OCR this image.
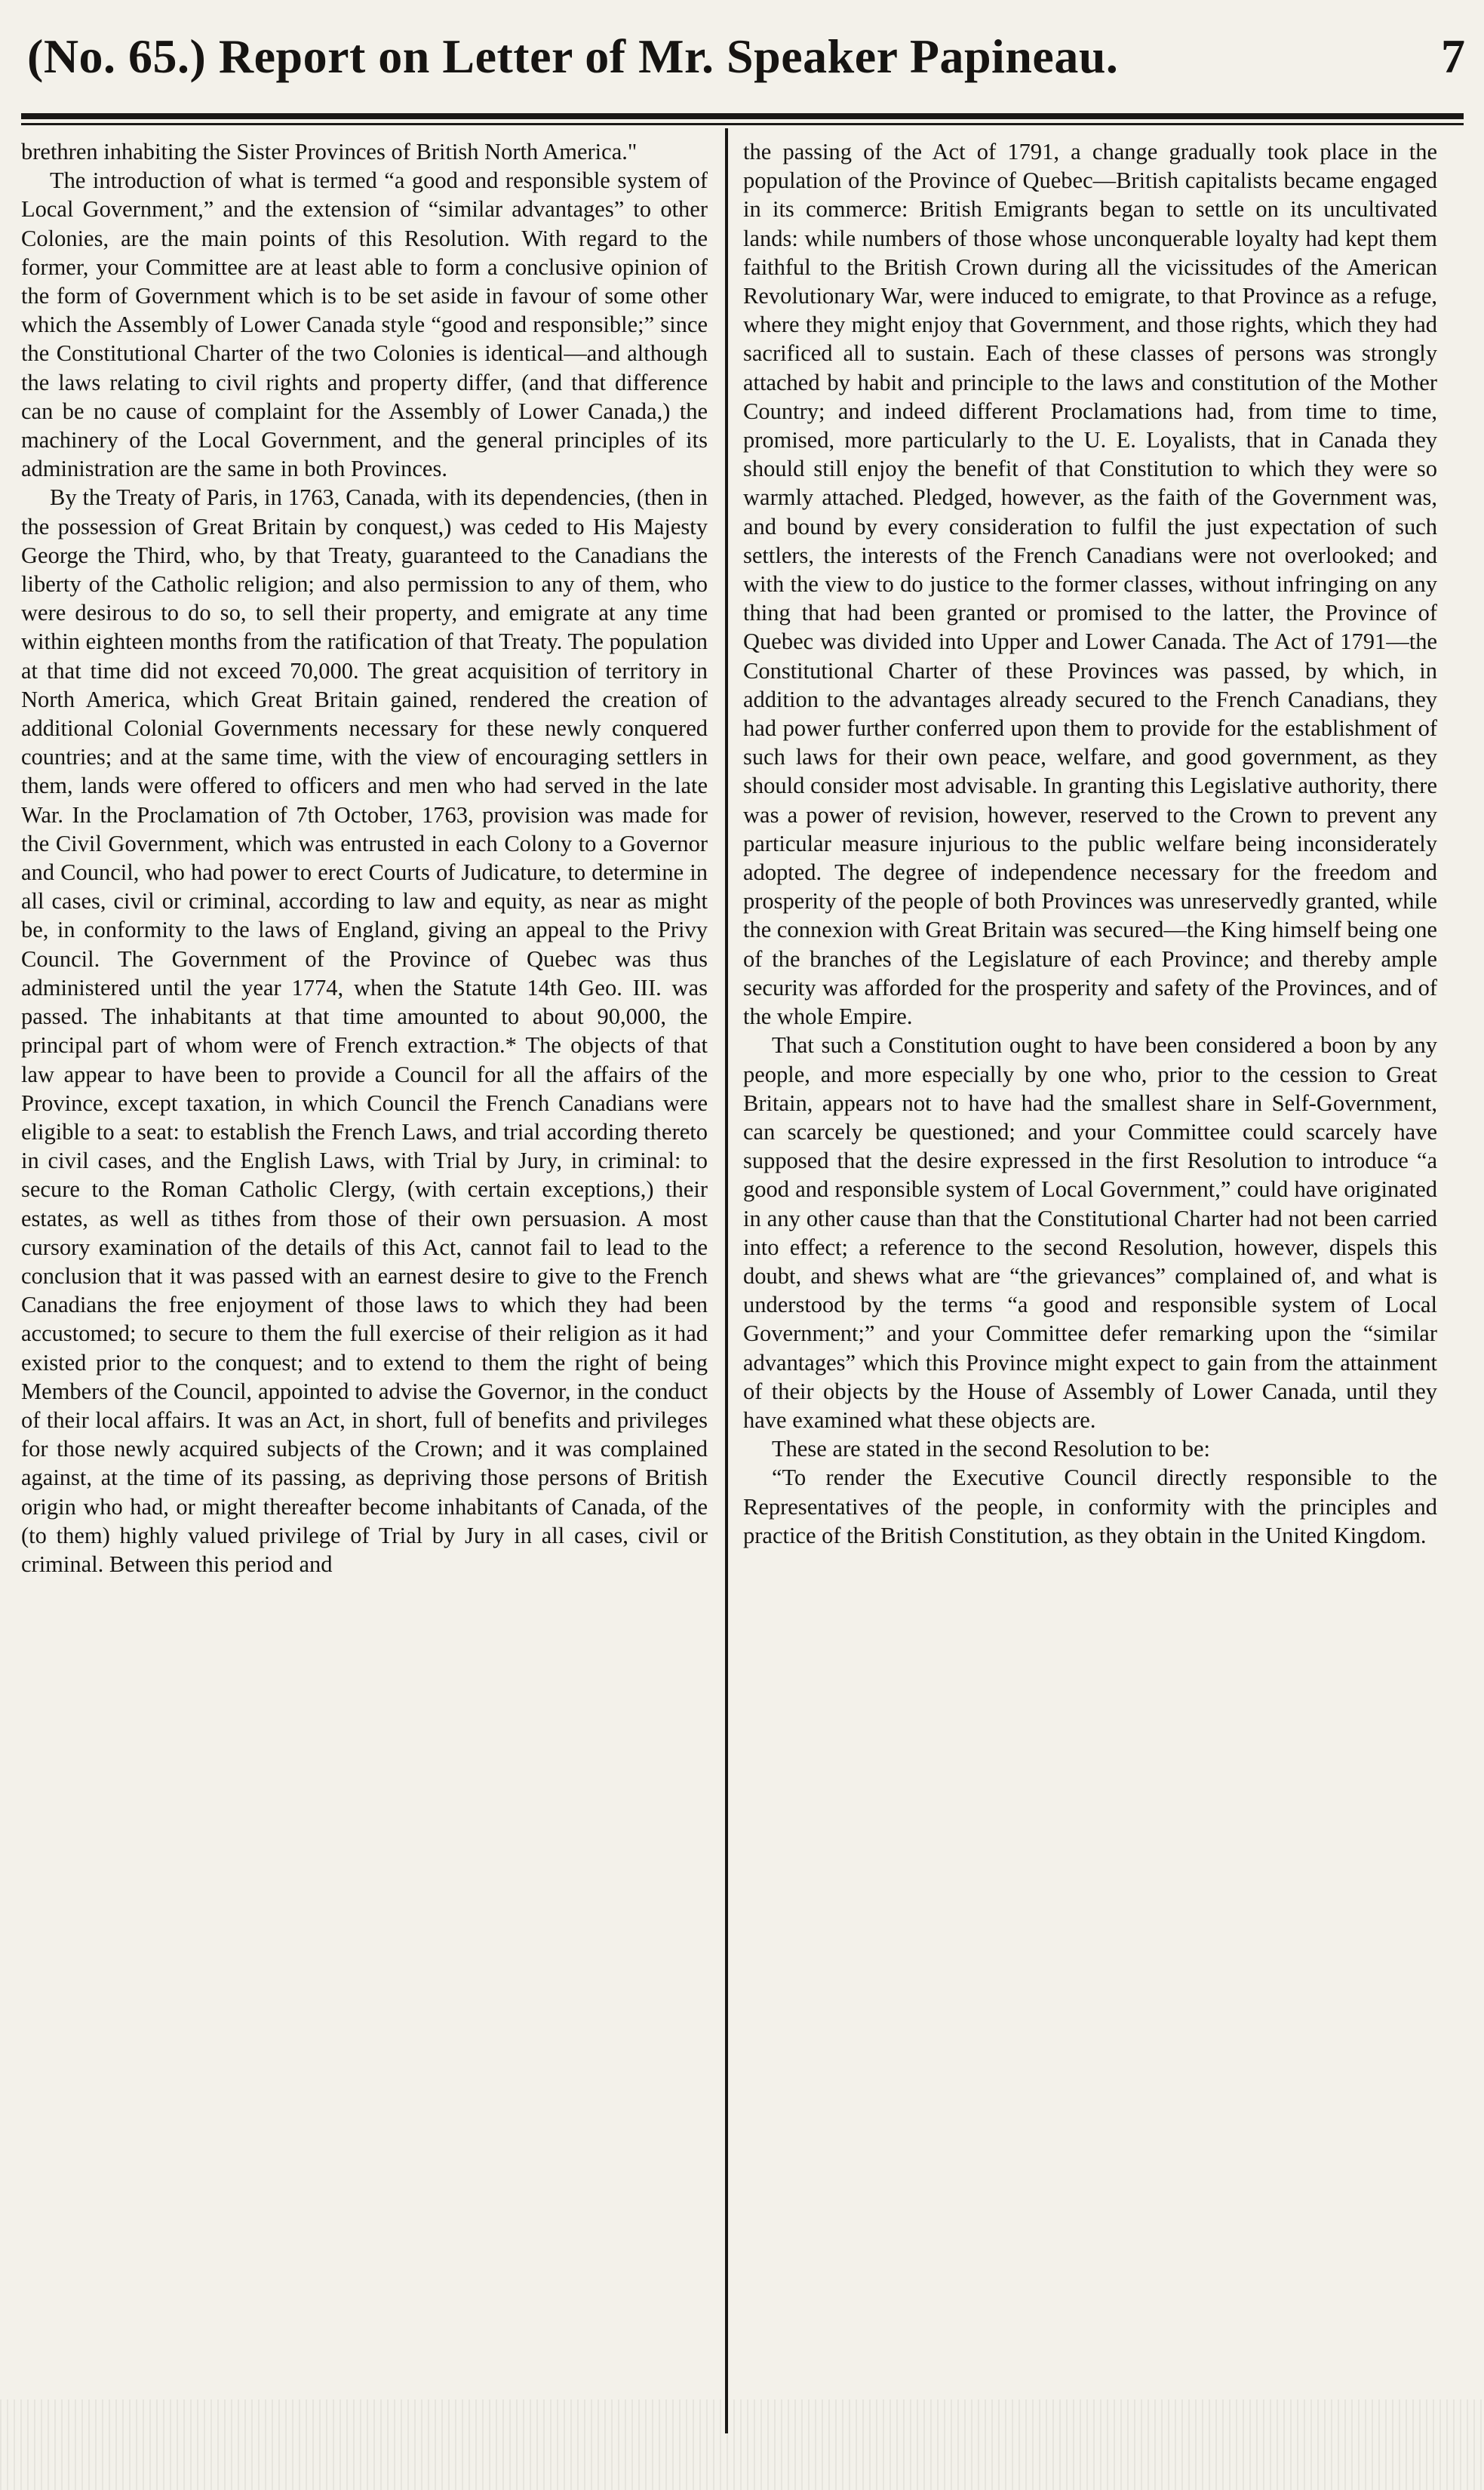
(No. 65.) Report on Letter of Mr. Speaker Papineau.	7

brethren inhabiting the Sister Provinces of British North America."

The introduction of what is termed “a good and responsible system of Local Government,” and the extension of “similar advantages” to other Colonies, are the main points of this Resolution. With regard to the former, your Committee are at least able to form a conclusive opinion of the form of Government which is to be set aside in favour of some other which the Assembly of Lower Canada style “good and responsible;” since the Constitutional Charter of the two Colonies is identical—and although the laws relating to civil rights and property differ, (and that difference can be no cause of complaint for the Assembly of Lower Canada,) the machinery of the Local Government, and the general principles of its administration are the same in both Provinces.

By the Treaty of Paris, in 1763, Canada, with its dependencies, (then in the possession of Great Britain by conquest,) was ceded to His Majesty George the Third, who, by that Treaty, guaranteed to the Canadians the liberty of the Catholic religion; and also permission to any of them, who were desirous to do so, to sell their property, and emigrate at any time within eighteen months from the ratification of that Treaty. The population at that time did not exceed 70,000. The great acquisition of territory in North America, which Great Britain gained, rendered the creation of additional Colonial Governments necessary for these newly conquered countries; and at the same time, with the view of encouraging settlers in them, lands were offered to officers and men who had served in the late War. In the Proclamation of 7th October, 1763, provision was made for the Civil Government, which was entrusted in each Colony to a Governor and Council, who had power to erect Courts of Judicature, to determine in all cases, civil or criminal, according to law and equity, as near as might be, in conformity to the laws of England, giving an appeal to the Privy Council. The Government of the Province of Quebec was thus administered until the year 1774, when the Statute 14th Geo. III. was passed. The inhabitants at that time amounted to about 90,000, the principal part of whom were of French extraction.* The objects of that law appear to have been to provide a Council for all the affairs of the Province, except taxation, in which Council the French Canadians were eligible to a seat: to establish the French Laws, and trial according thereto in civil cases, and the English Laws, with Trial by Jury, in criminal: to secure to the Roman Catholic Clergy, (with certain exceptions,) their estates, as well as tithes from those of their own persuasion. A most cursory examination of the details of this Act, cannot fail to lead to the conclusion that it was passed with an earnest desire to give to the French Canadians the free enjoyment of those laws to which they had been accustomed; to secure to them the full exercise of their religion as it had existed prior to the conquest; and to extend to them the right of being Members of the Council, appointed to advise the Governor, in the conduct of their local affairs. It was an Act, in short, full of benefits and privileges for those newly acquired subjects of the Crown; and it was complained against, at the time of its passing, as depriving those persons of British origin who had, or might thereafter become inhabitants of Canada, of the (to them) highly valued privilege of Trial by Jury in all cases, civil or criminal. Between this period and

the passing of the Act of 1791, a change gradually took place in the population of the Province of Quebec—British capitalists became engaged in its commerce: British Emigrants began to settle on its uncultivated lands: while numbers of those whose unconquerable loyalty had kept them faithful to the British Crown during all the vicissitudes of the American Revolutionary War, were induced to emigrate, to that Province as a refuge, where they might enjoy that Government, and those rights, which they had sacrificed all to sustain. Each of these classes of persons was strongly attached by habit and principle to the laws and constitution of the Mother Country; and indeed different Proclamations had, from time to time, promised, more particularly to the U. E. Loyalists, that in Canada they should still enjoy the benefit of that Constitution to which they were so warmly attached. Pledged, however, as the faith of the Government was, and bound by every consideration to fulfil the just expectation of such settlers, the interests of the French Canadians were not overlooked; and with the view to do justice to the former classes, without infringing on any thing that had been granted or promised to the latter, the Province of Quebec was divided into Upper and Lower Canada. The Act of 1791—the Constitutional Charter of these Provinces was passed, by which, in addition to the advantages already secured to the French Canadians, they had power further conferred upon them to provide for the establishment of such laws for their own peace, welfare, and good government, as they should consider most advisable. In granting this Legislative authority, there was a power of revision, however, reserved to the Crown to prevent any particular measure injurious to the public welfare being inconsiderately adopted. The degree of independence necessary for the freedom and prosperity of the people of both Provinces was unreservedly granted, while the connexion with Great Britain was secured—the King himself being one of the branches of the Legislature of each Province; and thereby ample security was afforded for the prosperity and safety of the Provinces, and of the whole Empire.

That such a Constitution ought to have been considered a boon by any people, and more especially by one who, prior to the cession to Great Britain, appears not to have had the smallest share in Self-Government, can scarcely be questioned; and your Committee could scarcely have supposed that the desire expressed in the first Resolution to introduce “a good and responsible system of Local Government,” could have originated in any other cause than that the Constitutional Charter had not been carried into effect; a reference to the second Resolution, however, dispels this doubt, and shews what are “the grievances” complained of, and what is understood by the terms “a good and responsible system of Local Government;” and your Committee defer remarking upon the “similar advantages” which this Province might expect to gain from the attainment of their objects by the House of Assembly of Lower Canada, until they have examined what these objects are.

These are stated in the second Resolution to be:

“To render the Executive Council directly responsible to the Representatives of the people, in conformity with the principles and practice of the British Constitution, as they obtain in the United Kingdom.
